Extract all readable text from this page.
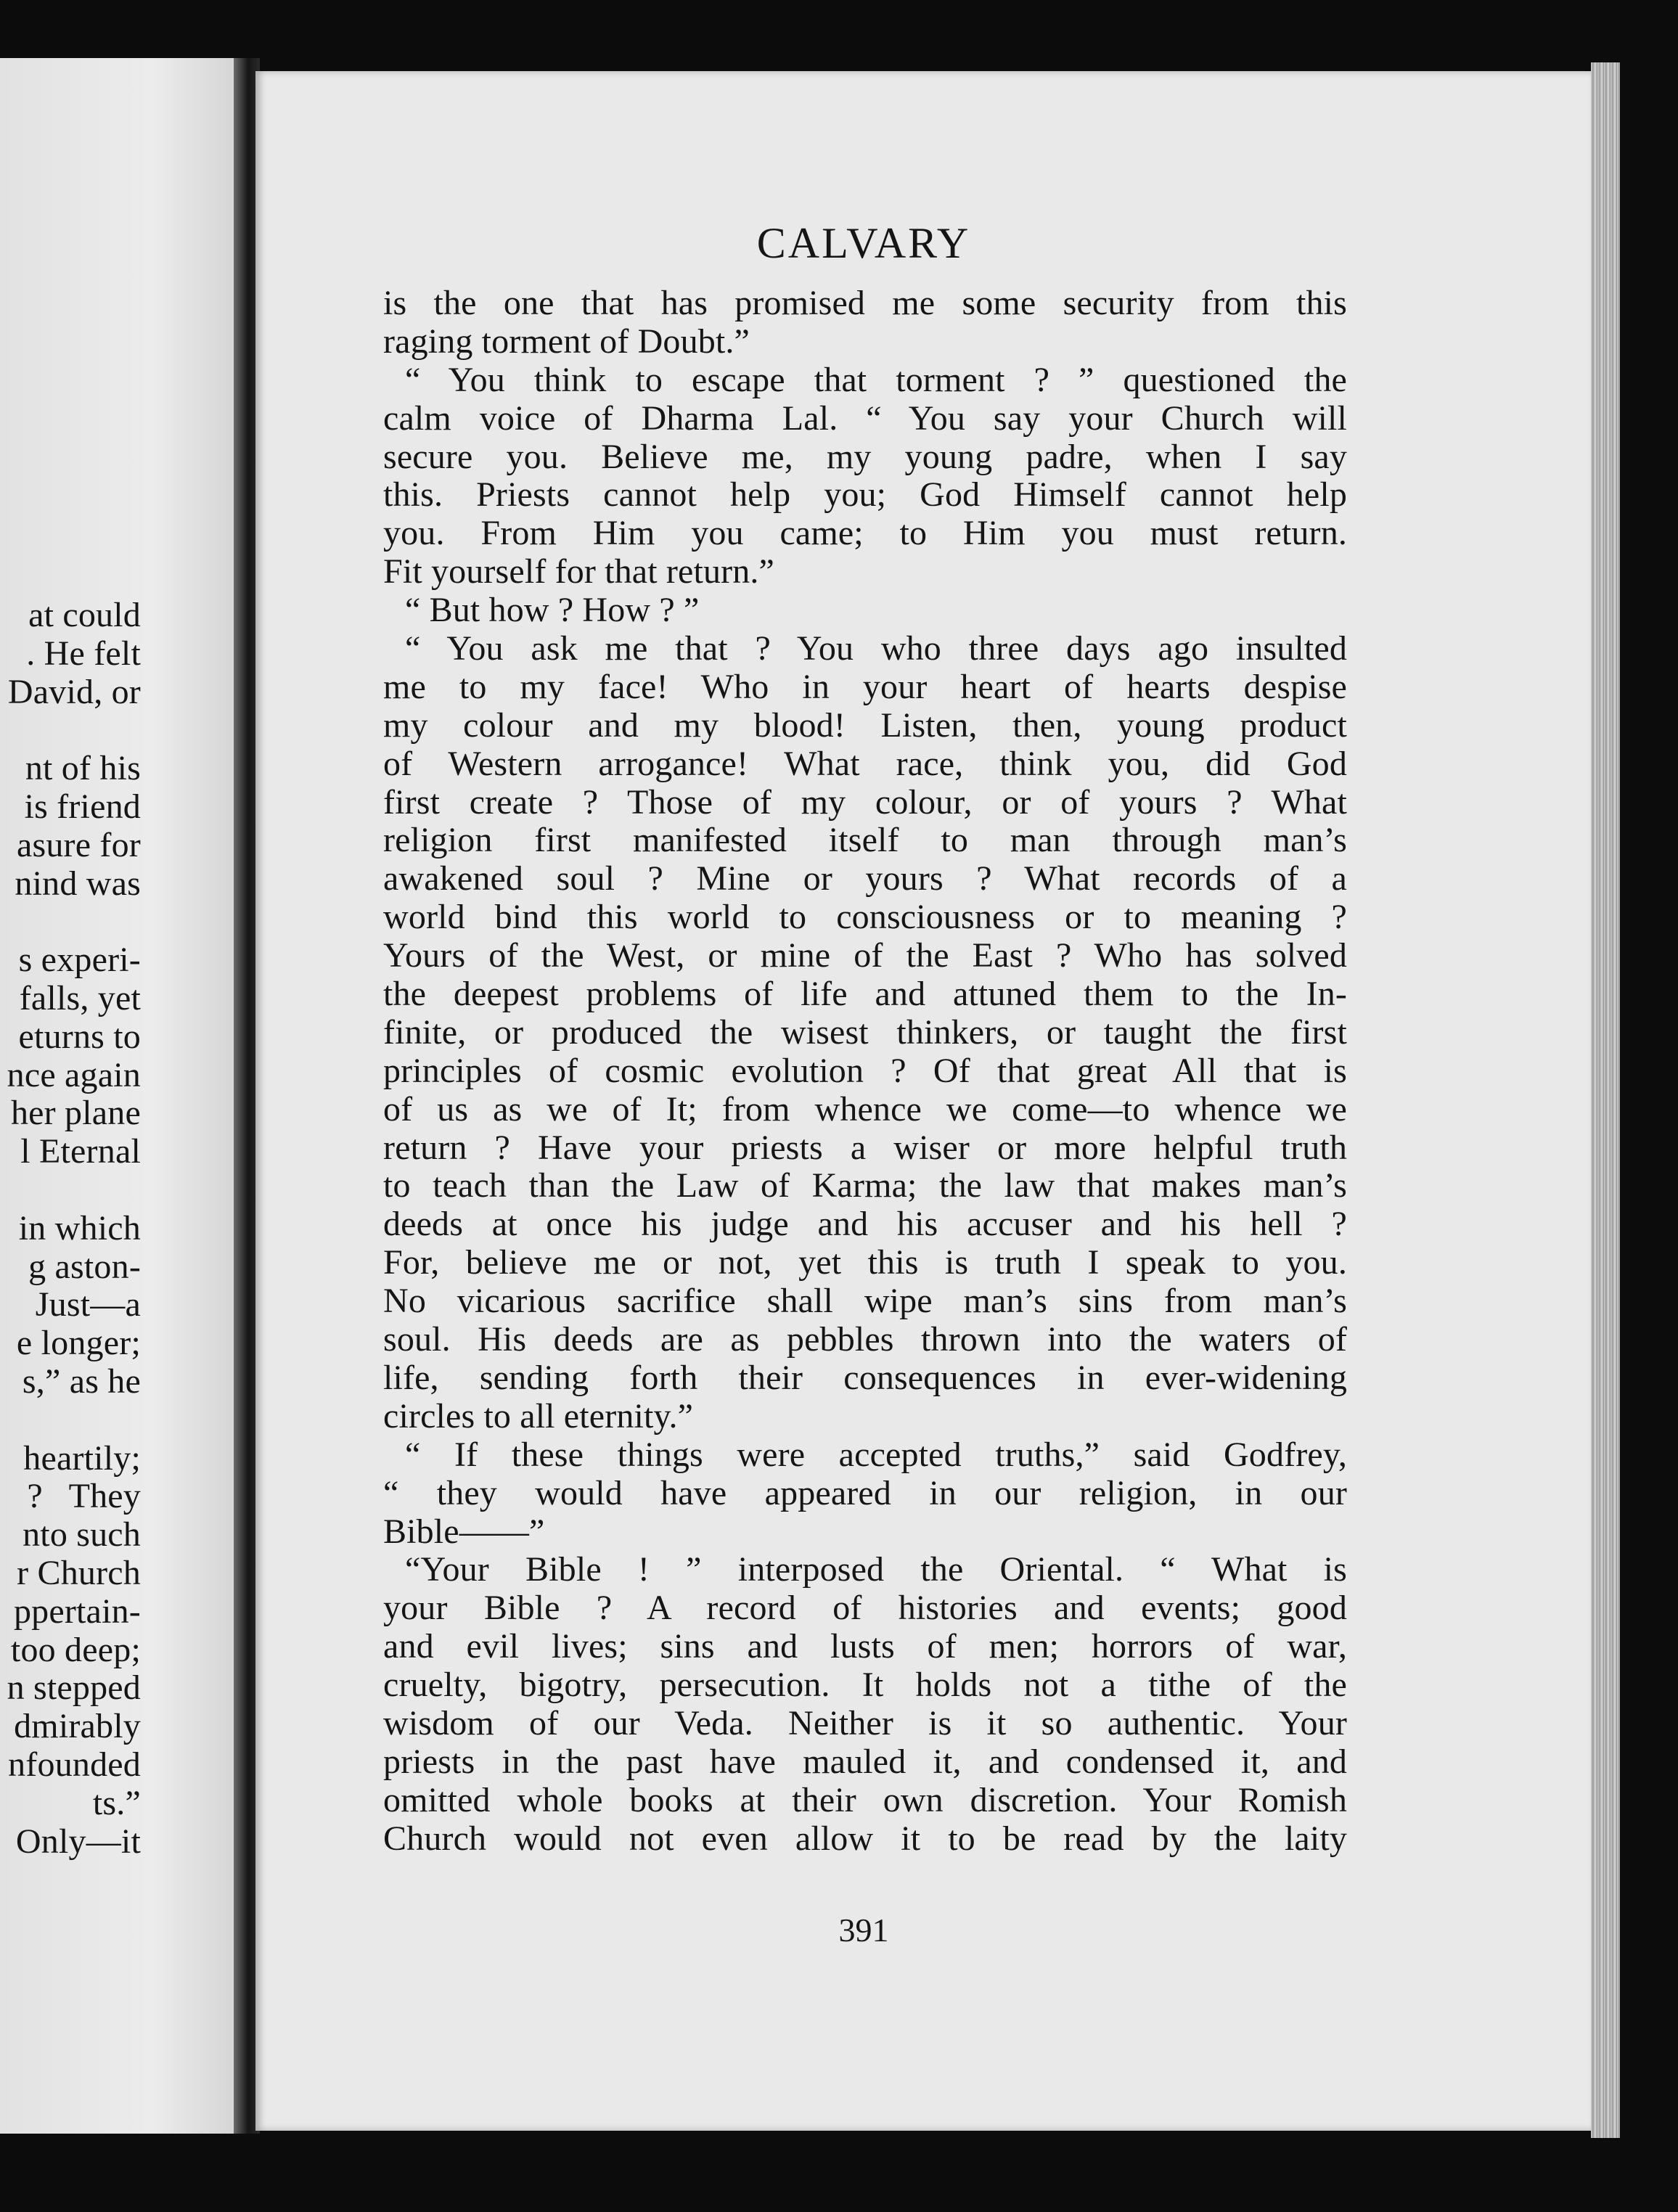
at could
. He felt
David, or
nt of his
is friend
asure for
nind was
s experi-
falls, yet
eturns to
nce again
her plane
l Eternal
in which
g aston-
Just—a
e longer;
s,” as he
heartily;
?   They
nto such
r Church
ppertain-
too deep;
n stepped
dmirably
nfounded
ts.”
Only—it
CALVARY
is the one that has promised me some security from this
raging torment of Doubt.”
“ You think to escape that torment ? ” questioned the
calm voice of Dharma Lal. “ You say your Church will
secure you. Believe me, my young padre, when I say
this. Priests cannot help you; God Himself cannot help
you. From Him you came; to Him you must return.
Fit yourself for that return.”
“ But how ? How ? ”
“ You ask me that ? You who three days ago insulted
me to my face! Who in your heart of hearts despise
my colour and my blood! Listen, then, young product
of Western arrogance! What race, think you, did God
first create ? Those of my colour, or of yours ? What
religion first manifested itself to man through man’s
awakened soul ? Mine or yours ? What records of a
world bind this world to consciousness or to meaning ?
Yours of the West, or mine of the East ? Who has solved
the deepest problems of life and attuned them to the In-
finite, or produced the wisest thinkers, or taught the first
principles of cosmic evolution ? Of that great All that is
of us as we of It; from whence we come—to whence we
return ? Have your priests a wiser or more helpful truth
to teach than the Law of Karma; the law that makes man’s
deeds at once his judge and his accuser and his hell ?
For, believe me or not, yet this is truth I speak to you.
No vicarious sacrifice shall wipe man’s sins from man’s
soul. His deeds are as pebbles thrown into the waters of
life, sending forth their consequences in ever-widening
circles to all eternity.”
“ If these things were accepted truths,” said Godfrey,
“ they would have appeared in our religion, in our
Bible——”
“Your Bible ! ” interposed the Oriental. “ What is
your Bible ? A record of histories and events; good
and evil lives; sins and lusts of men; horrors of war,
cruelty, bigotry, persecution. It holds not a tithe of the
wisdom of our Veda. Neither is it so authentic. Your
priests in the past have mauled it, and condensed it, and
omitted whole books at their own discretion. Your Romish
Church would not even allow it to be read by the laity
391
